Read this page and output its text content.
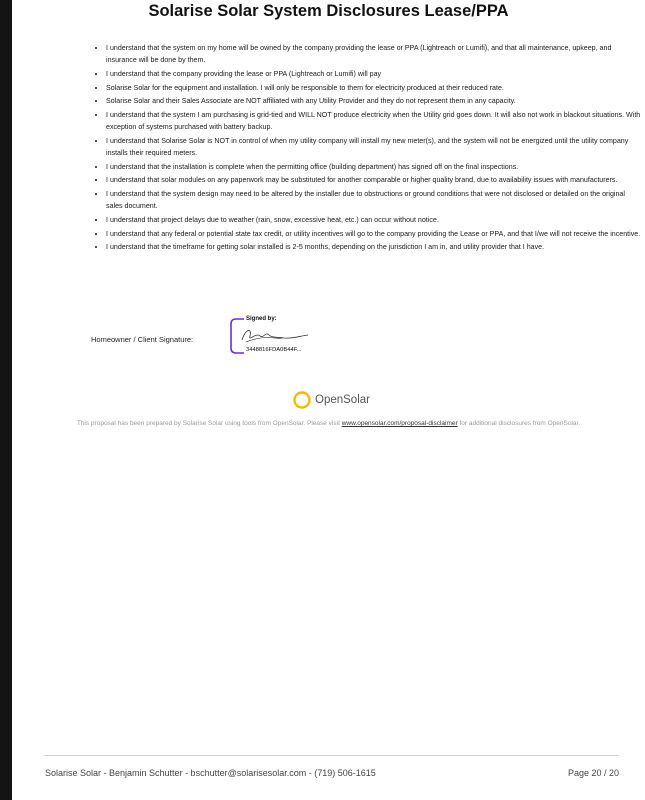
Solarise Solar System Disclosures Lease/PPA
• I understand that the system on my home will be owned by the company providing the lease or PPA (Lightreach or Lumifi), and that all maintenance, upkeep, and insurance will be done by them.
• I understand that the company providing the lease or PPA (Lightreach or Lumifi) will pay
• Solarise Solar for the equipment and installation. I will only be responsible to them for electricity produced at their reduced rate.
• Solarise Solar and their Sales Associate are NOT affiliated with any Utility Provider and they do not represent them in any capacity.
• I understand that the system I am purchasing is grid-tied and WILL NOT produce electricity when the Utility grid goes down. It will also not work in blackout situations. With exception of systems purchased with battery backup.
• I understand that Solarise Solar is NOT in control of when my utility company will install my new meter(s), and the system will not be energized until the utility company installs their required meters.
• I understand that the installation is complete when the permitting office (building department) has signed off on the final inspections.
• I understand that solar modules on any paperwork may be substituted for another comparable or higher quality brand, due to availability issues with manufacturers.
• I understand that the system design may need to be altered by the installer due to obstructions or ground conditions that were not disclosed or detailed on the original sales document.
• I understand that project delays due to weather (rain, snow, excessive heat, etc.) can occur without notice.
• I understand that any federal or potential state tax credit, or utility incentives will go to the company providing the Lease or PPA, and that I/we will not receive the incentive.
• I understand that the timeframe for getting solar installed is 2-5 months, depending on the jurisdiction I am in, and utility provider that I have.
Homeowner / Client Signature:
Signed by:
3448816FDA0B44F...
OpenSolar
This proposal has been prepared by Solarise Solar using tools from OpenSolar. Please visit www.opensolar.com/proposal-disclaimer for additional disclosures from OpenSolar.
Solarise Solar - Benjamin Schutter - bschutter@solarisesolar.com - (719) 506-1615	Page 20 / 20
